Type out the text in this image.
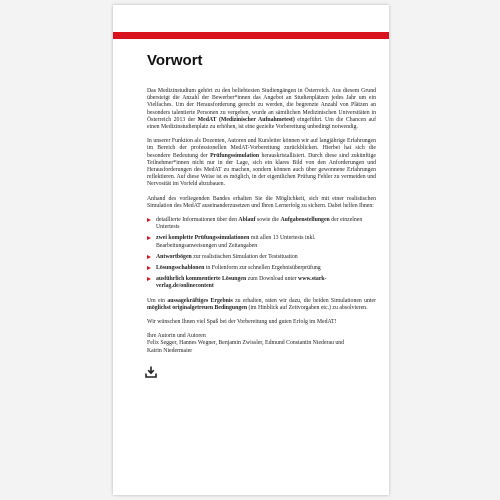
Vorwort

Das Medizinstudium gehört zu den beliebtesten Studiengängen in Österreich. Aus diesem Grund übersteigt die Anzahl der Bewerber*innen das Angebot an Studienplätzen jedes Jahr um ein Vielfaches. Um der Herausforderung gerecht zu werden, die begrenzte Anzahl von Plätzen an besonders talentierte Personen zu vergeben, wurde an sämtlichen Medizinischen Universitäten in Österreich 2013 der MedAT (Medizinischer Aufnahmetest) eingeführt. Um die Chancen auf einen Medizinstudienplatz zu erhöhen, ist eine gezielte Vorbereitung unbedingt notwendig.

In unserer Funktion als Dozenten, Autoren und Kursleiter können wir auf langjährige Erfahrungen im Bereich der professionellen MedAT-Vorbereitung zurückblicken. Hierbei hat sich die besondere Bedeutung der Prüfungssimulation herauskristallisiert. Durch diese sind zukünftige Teilnehmer*innen nicht nur in der Lage, sich ein klares Bild von den Anforderungen und Herausforderungen des MedAT zu machen, sondern können auch über gewonnene Erfahrungen reflektieren. Auf diese Weise ist es möglich, in der eigentlichen Prüfung Fehler zu vermeiden und Nervosität im Vorfeld abzubauen.

Anhand des vorliegenden Bandes erhalten Sie die Möglichkeit, sich mit einer realistischen Simulation des MedAT auseinanderzusetzen und Ihren Lernerfolg zu sichern. Dabei helfen Ihnen:

detaillierte Informationen über den Ablauf sowie die Aufgabenstellungen der einzelnen Untertests
zwei komplette Prüfungssimulationen mit allen 13 Untertests inkl. Bearbeitungsanweisungen und Zeitangaben
Antwortbögen zur realistischen Simulation der Testsituation
Lösungsschablonen in Folienform zur schnellen Ergebnisüberprüfung
ausführlich kommentierte Lösungen zum Download unter www.stark-verlag.de/onlinecontent

Um ein aussagekräftiges Ergebnis zu erhalten, raten wir dazu, die beiden Simulationen unter möglichst originalgetreuen Bedingungen (im Hinblick auf Zeitvorgaben etc.) zu absolvieren.

Wir wünschen Ihnen viel Spaß bei der Vorbereitung und guten Erfolg im MedAT!

Ihre Autorin und Autoren

Felix Segger, Hannes Wegner, Benjamin Zwissler, Edmund Constantin Niederau und

Katrin Niedermaier
